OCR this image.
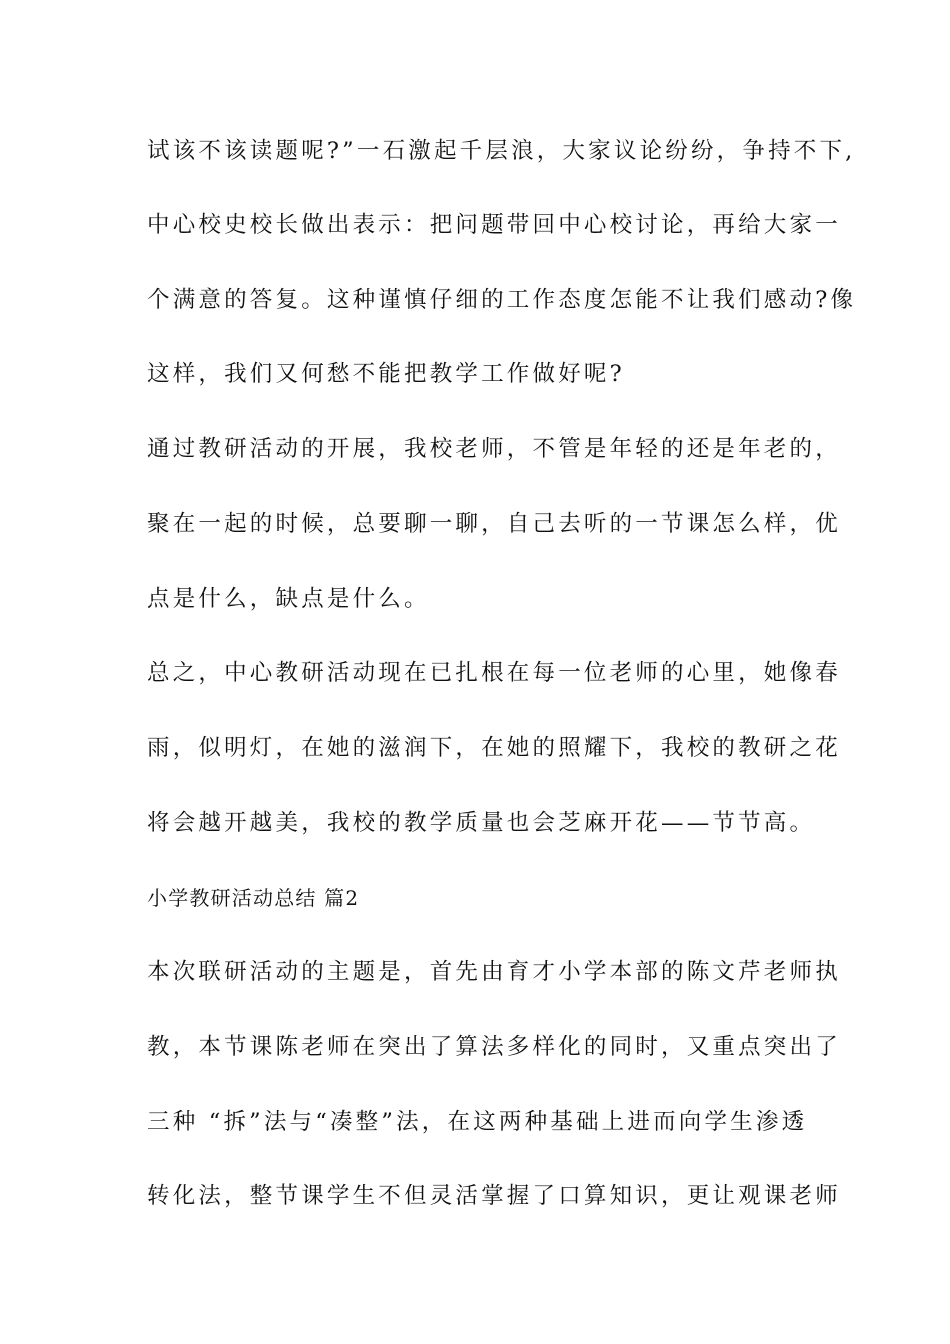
试该不该读题呢?”一石激起千层浪，大家议论纷纷，争持不下,
中心校史校长做出表示：把问题带回中心校讨论，再给大家一
个满意的答复。这种谨慎仔细的工作态度怎能不让我们感动?像
这样，我们又何愁不能把教学工作做好呢?
通过教研活动的开展，我校老师，不管是年轻的还是年老的，
聚在一起的时候，总要聊一聊，自己去听的一节课怎么样，优
点是什么，缺点是什么。
总之，中心教研活动现在已扎根在每一位老师的心里，她像春
雨，似明灯，在她的滋润下，在她的照耀下，我校的教研之花
将会越开越美，我校的教学质量也会芝麻开花——节节高。
小学教研活动总结 篇2
本次联研活动的主题是，首先由育才小学本部的陈文芹老师执
教，本节课陈老师在突出了算法多样化的同时，又重点突出了
三种 “拆”法与“凑整”法，在这两种基础上进而向学生渗透
转化法，整节课学生不但灵活掌握了口算知识，更让观课老师
